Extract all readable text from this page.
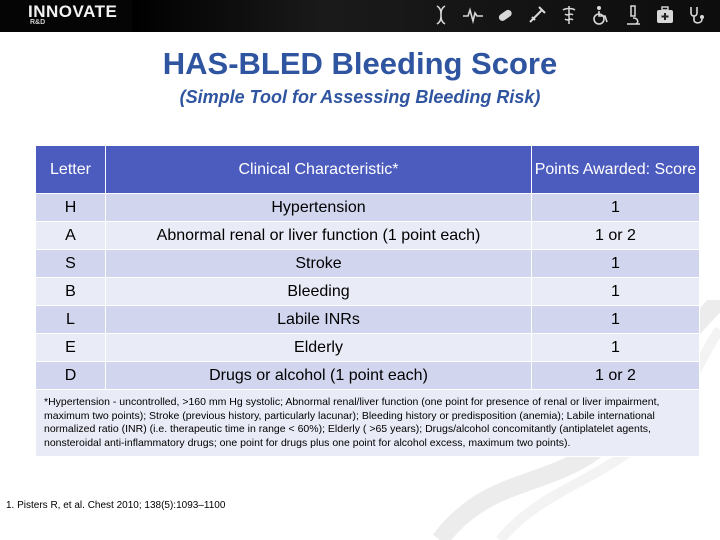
INNOVATE
R&D
HAS-BLED Bleeding Score
(Simple Tool for Assessing Bleeding Risk)
Letter	Clinical Characteristic*	Points Awarded: Score
H	Hypertension	1
A	Abnormal renal or liver function (1 point each)	1 or 2
S	Stroke	1
B	Bleeding	1
L	Labile INRs	1
E	Elderly	1
D	Drugs or alcohol (1 point each)	1 or 2
*Hypertension - uncontrolled, >160 mm Hg systolic; Abnormal renal/liver function (one point for presence of renal or liver impairment, maximum two points); Stroke (previous history, particularly lacunar); Bleeding history or predisposition (anemia); Labile international normalized ratio (INR) (i.e. therapeutic time in range < 60%); Elderly ( >65 years); Drugs/alcohol concomitantly (antiplatelet agents, nonsteroidal anti-inflammatory drugs; one point for drugs plus one point for alcohol excess, maximum two points).		
1. Pisters R, et al. Chest 2010; 138(5):1093–1100
